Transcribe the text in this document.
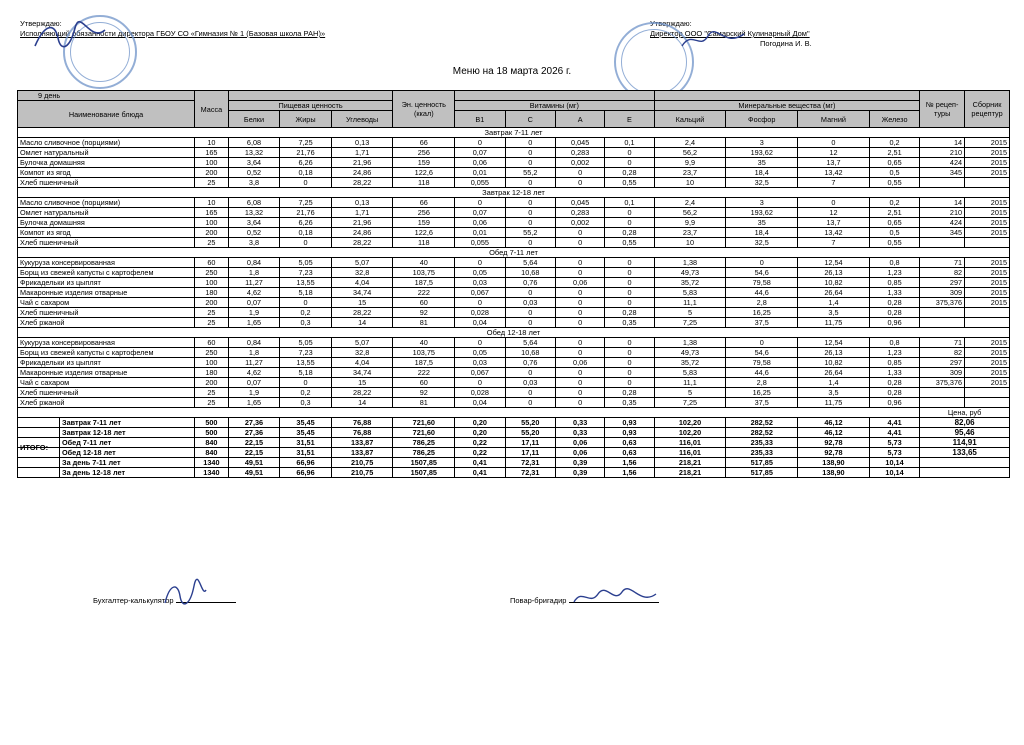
Утверждаю:
Исполняющий обязанности директора ГБОУ СО «Гимназия № 1 (Базовая школа РАН)»
Утверждаю:
Директор ООО "Самарский Кулинарный Дом"
Погодина И. В.
Меню на 18 марта 2026 г.
9 день	Масса				Эн. ценность (ккал)									№ рецеп-туры	Сборник рецептур
Наименование блюда		Пищевая ценность				Витамины (мг)				Минеральные вещества (мг)					
		Белки	Жиры	Углеводы		B1	C	A	E	Кальций	Фосфор	Магний	Железо		
Завтрак 7-11 лет															
Масло сливочное (порциями)	10	6,08	7,25	0,13	66	0	0	0,045	0,1	2,4	3	0	0,2	14	2015
Омлет натуральный	165	13,32	21,76	1,71	256	0,07	0	0,283	0	56,2	193,62	12	2,51	210	2015
Булочка домашняя	100	3,64	6,26	21,96	159	0,06	0	0,002	0	9,9	35	13,7	0,65	424	2015
Компот из ягод	200	0,52	0,18	24,86	122,6	0,01	55,2	0	0,28	23,7	18,4	13,42	0,5	345	2015
Хлеб пшеничный	25	3,8	0	28,22	118	0,055	0	0	0,55	10	32,5	7	0,55		
Завтрак 12-18 лет															
Масло сливочное (порциями)	10	6,08	7,25	0,13	66	0	0	0,045	0,1	2,4	3	0	0,2	14	2015
Омлет натуральный	165	13,32	21,76	1,71	256	0,07	0	0,283	0	56,2	193,62	12	2,51	210	2015
Булочка домашняя	100	3,64	6,26	21,96	159	0,06	0	0,002	0	9,9	35	13,7	0,65	424	2015
Компот из ягод	200	0,52	0,18	24,86	122,6	0,01	55,2	0	0,28	23,7	18,4	13,42	0,5	345	2015
Хлеб пшеничный	25	3,8	0	28,22	118	0,055	0	0	0,55	10	32,5	7	0,55		
Обед 7-11 лет															
Кукуруза консервированная	60	0,84	5,05	5,07	40	0	5,64	0	0	1,38	0	12,54	0,8	71	2015
Борщ из свежей капусты с картофелем	250	1,8	7,23	32,8	103,75	0,05	10,68	0	0	49,73	54,6	26,13	1,23	82	2015
Фрикадельки из цыплят	100	11,27	13,55	4,04	187,5	0,03	0,76	0,06	0	35,72	79,58	10,82	0,85	297	2015
Макаронные изделия отварные	180	4,62	5,18	34,74	222	0,067	0	0	0	5,83	44,6	26,64	1,33	309	2015
Чай с сахаром	200	0,07	0	15	60	0	0,03	0	0	11,1	2,8	1,4	0,28	375,376	2015
Хлеб пшеничный	25	1,9	0,2	28,22	92	0,028	0	0	0,28	5	16,25	3,5	0,28		
Хлеб ржаной	25	1,65	0,3	14	81	0,04	0	0	0,35	7,25	37,5	11,75	0,96		
Обед 12-18 лет															
Кукуруза консервированная	60	0,84	5,05	5,07	40	0	5,64	0	0	1,38	0	12,54	0,8	71	2015
Борщ из свежей капусты с картофелем	250	1,8	7,23	32,8	103,75	0,05	10,68	0	0	49,73	54,6	26,13	1,23	82	2015
Фрикадельки из цыплят	100	11,27	13,55	4,04	187,5	0,03	0,76	0,06	0	35,72	79,58	10,82	0,85	297	2015
Макаронные изделия отварные	180	4,62	5,18	34,74	222	0,067	0	0	0	5,83	44,6	26,64	1,33	309	2015
Чай с сахаром	200	0,07	0	15	60	0	0,03	0	0	11,1	2,8	1,4	0,28	375,376	2015
Хлеб пшеничный	25	1,9	0,2	28,22	92	0,028	0	0	0,28	5	16,25	3,5	0,28		
Хлеб ржаной	25	1,65	0,3	14	81	0,04	0	0	0,35	7,25	37,5	11,75	0,96		
														Цена, руб	
Завтрак 7-11 лет	500	27,36	35,45	76,88	721,60	0,20	55,20	0,33	0,93	102,20	282,52	46,12	4,41	82,06	
Завтрак 12-18 лет	500	27,36	35,45	76,88	721,60	0,20	55,20	0,33	0,93	102,20	282,52	46,12	4,41	95,46	
Обед 7-11 лет	840	22,15	31,51	133,87	786,25	0,22	17,11	0,06	0,63	116,01	235,33	92,78	5,73	114,91	
Обед 12-18 лет	840	22,15	31,51	133,87	786,25	0,22	17,11	0,06	0,63	116,01	235,33	92,78	5,73	133,65	
За день 7-11 лет	1340	49,51	66,96	210,75	1507,85	0,41	72,31	0,39	1,56	218,21	517,85	138,90	10,14		
За день 12-18 лет	1340	49,51	66,96	210,75	1507,85	0,41	72,31	0,39	1,56	218,21	517,85	138,90	10,14		
Бухгалтер-калькулятор	Повар-бригадир
ИТОГО:
